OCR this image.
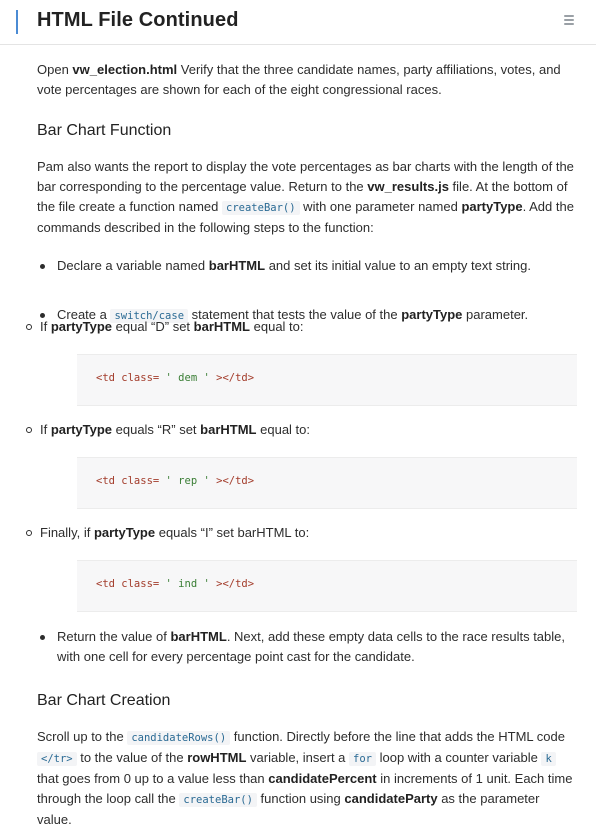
HTML File Continued

Open vw_election.html Verify that the three candidate names, party affiliations, votes, and vote percentages are shown for each of the eight congressional races.

Bar Chart Function

Pam also wants the report to display the vote percentages as bar charts with the length of the bar corresponding to the percentage value. Return to the vw_results.js file. At the bottom of the file create a function named createBar() with one parameter named partyType. Add the commands described in the following steps to the function:

Declare a variable named barHTML and set its initial value to an empty text string.
Create a switch/case statement that tests the value of the partyType parameter.
If partyType equal “D” set barHTML equal to:
<td class= ' dem ' ></td>
If partyType equals “R” set barHTML equal to:
<td class= ' rep ' ></td>
Finally, if partyType equals “I” set barHTML to:
<td class= ' ind ' ></td>
Return the value of barHTML. Next, add these empty data cells to the race results table, with one cell for every percentage point cast for the candidate.
Bar Chart Creation

Scroll up to the candidateRows() function. Directly before the line that adds the HTML code </tr> to the value of the rowHTML variable, insert a for loop with a counter variable k that goes from 0 up to a value less than candidatePercent in increments of 1 unit. Each time through the loop call the createBar() function using candidateParty as the parameter value.
